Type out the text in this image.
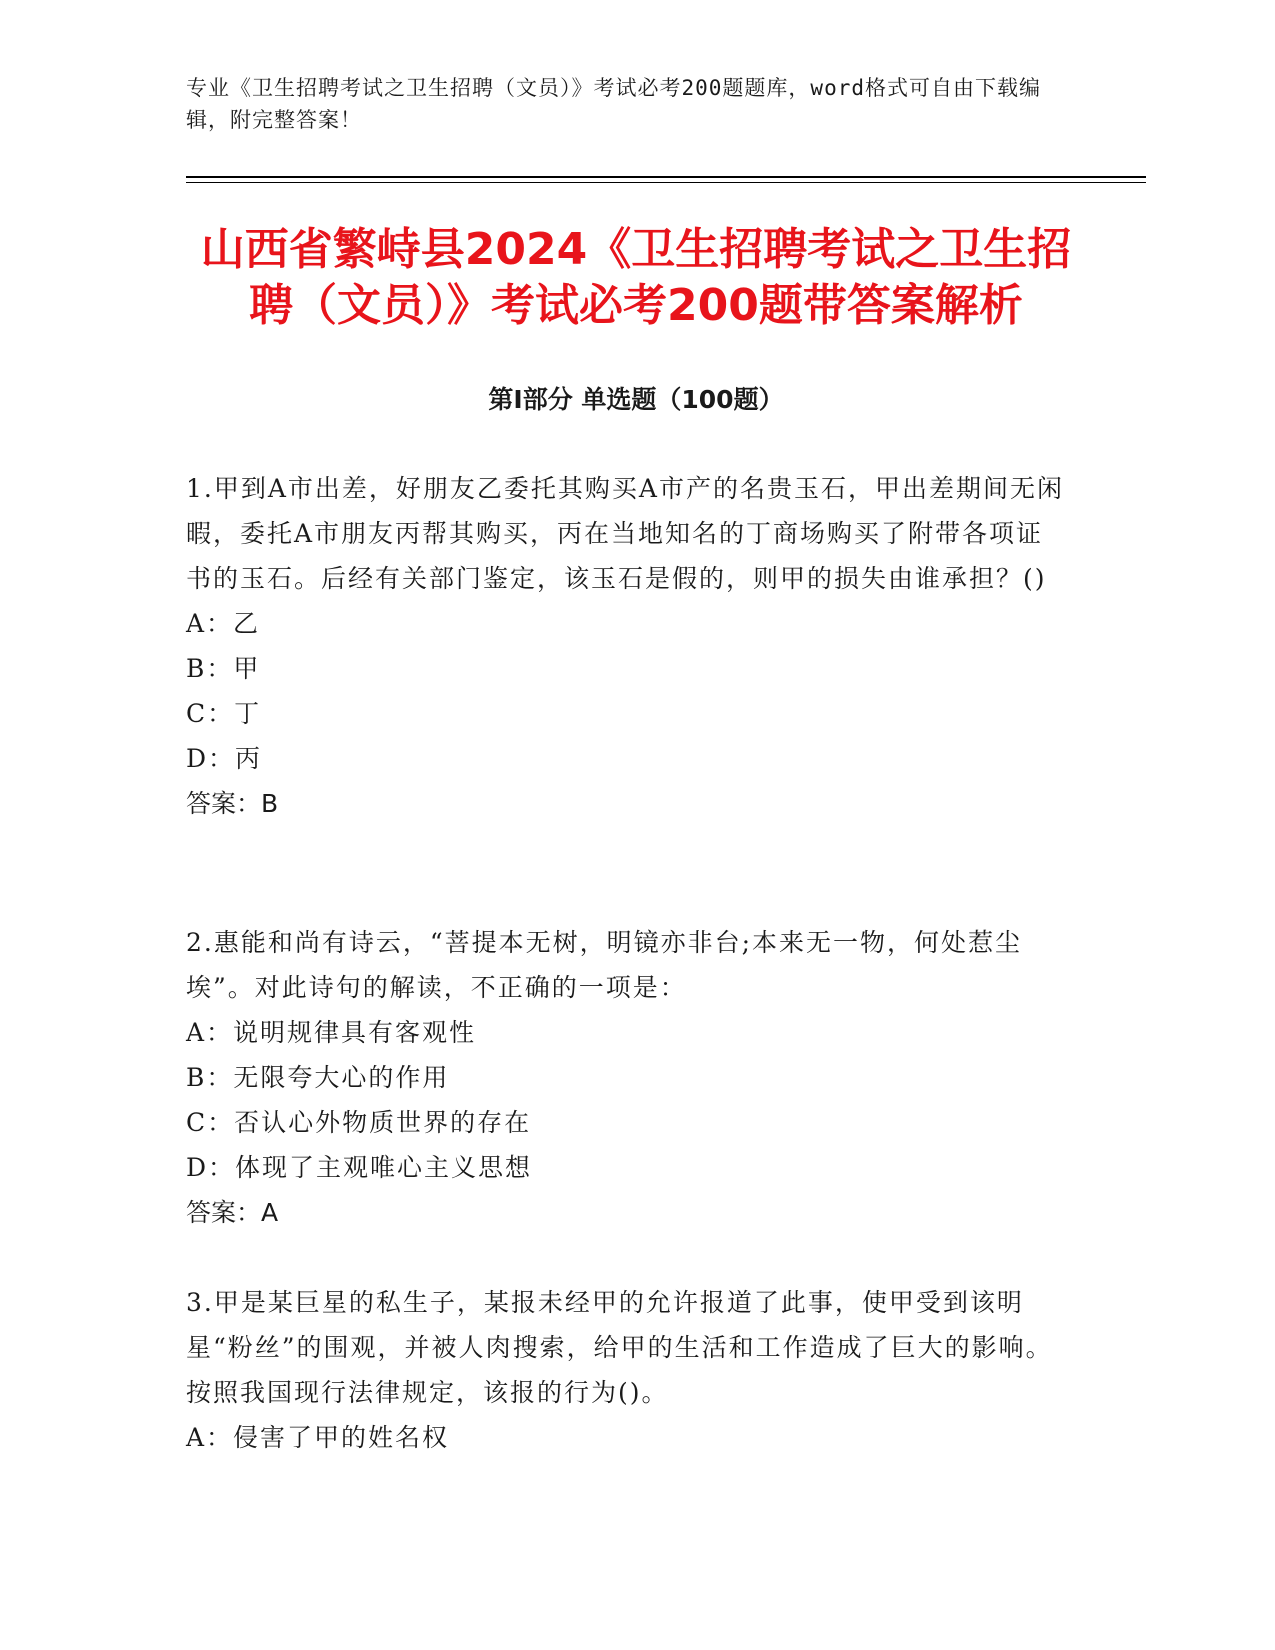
专业《卫生招聘考试之卫生招聘（文员）》考试必考200题题库，word格式可自由下载编辑，附完整答案！
山西省繁峙县2024《卫生招聘考试之卫生招聘（文员）》考试必考200题带答案解析
第I部分 单选题（100题）

1.甲到A市出差，好朋友乙委托其购买A市产的名贵玉石，甲出差期间无闲暇，委托A市朋友丙帮其购买，丙在当地知名的丁商场购买了附带各项证书的玉石。后经有关部门鉴定，该玉石是假的，则甲的损失由谁承担？()

A：乙

B：甲

C：丁

D：丙

答案：B

2.惠能和尚有诗云，“菩提本无树，明镜亦非台;本来无一物，何处惹尘埃”。对此诗句的解读，不正确的一项是：

A：说明规律具有客观性

B：无限夸大心的作用

C：否认心外物质世界的存在

D：体现了主观唯心主义思想

答案：A

3.甲是某巨星的私生子，某报未经甲的允许报道了此事，使甲受到该明星“粉丝”的围观，并被人肉搜索，给甲的生活和工作造成了巨大的影响。按照我国现行法律规定，该报的行为()。

A：侵害了甲的姓名权
